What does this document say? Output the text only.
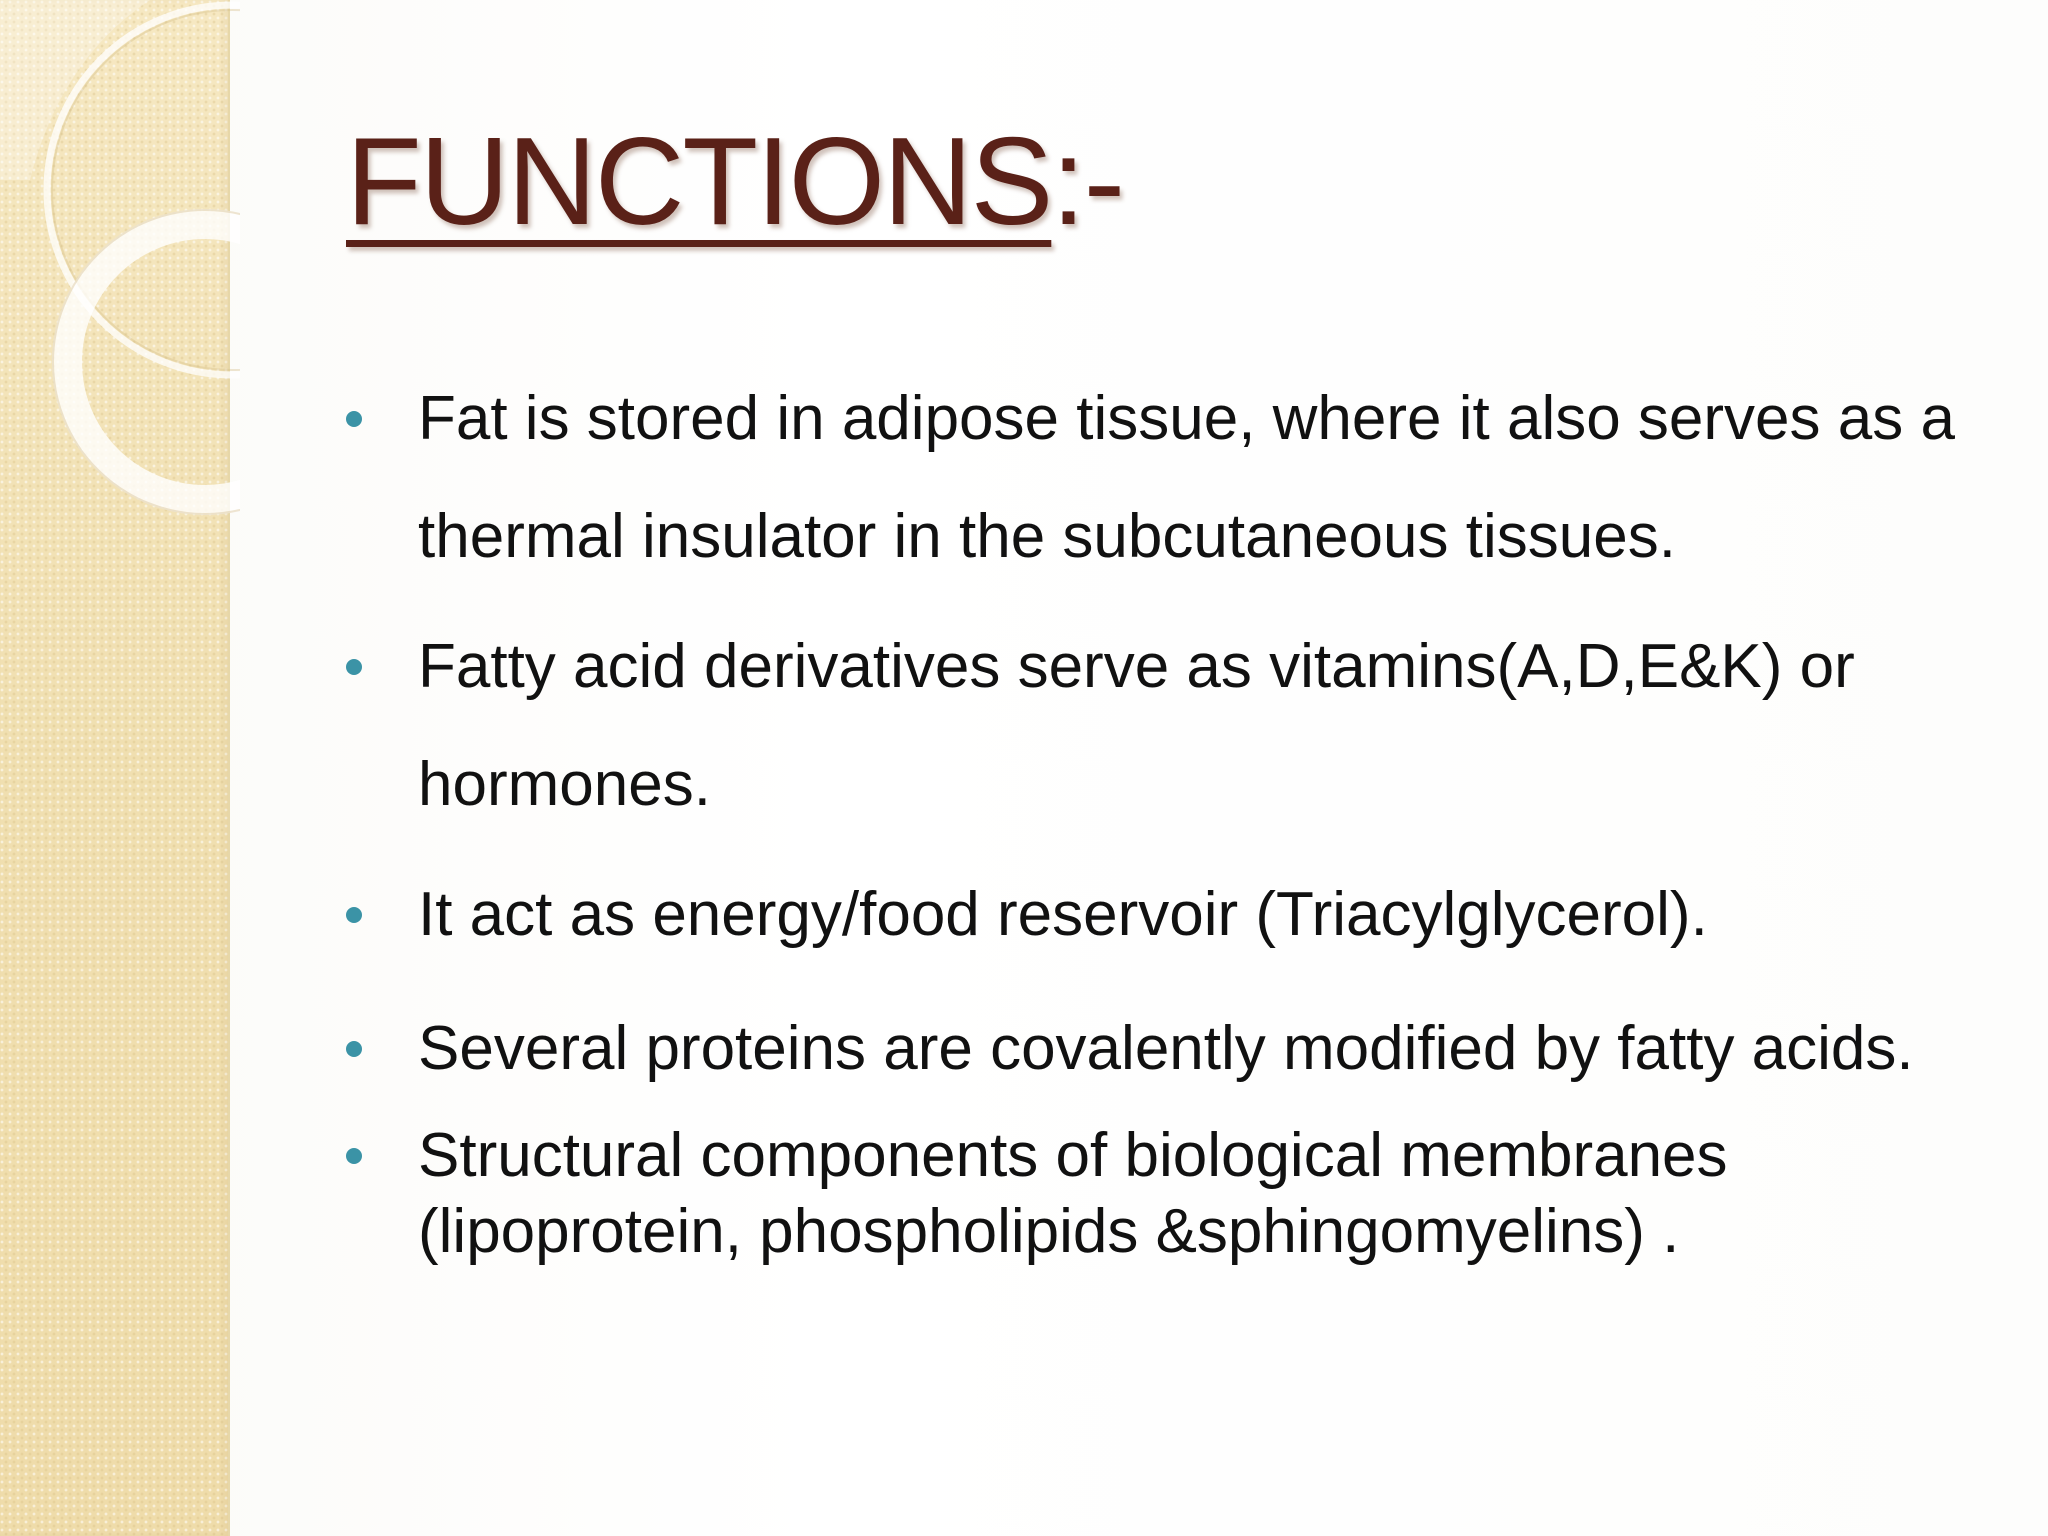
FUNCTIONS:-
Fat is stored in adipose tissue, where it also serves as a thermal insulator in the subcutaneous tissues.
Fatty acid derivatives serve as vitamins(A,D,E&K) or hormones.
It act as energy/food reservoir (Triacylglycerol).
Several proteins are covalently modified by fatty acids.
Structural components of biological membranes (lipoprotein, phospholipids &sphingomyelins) .
